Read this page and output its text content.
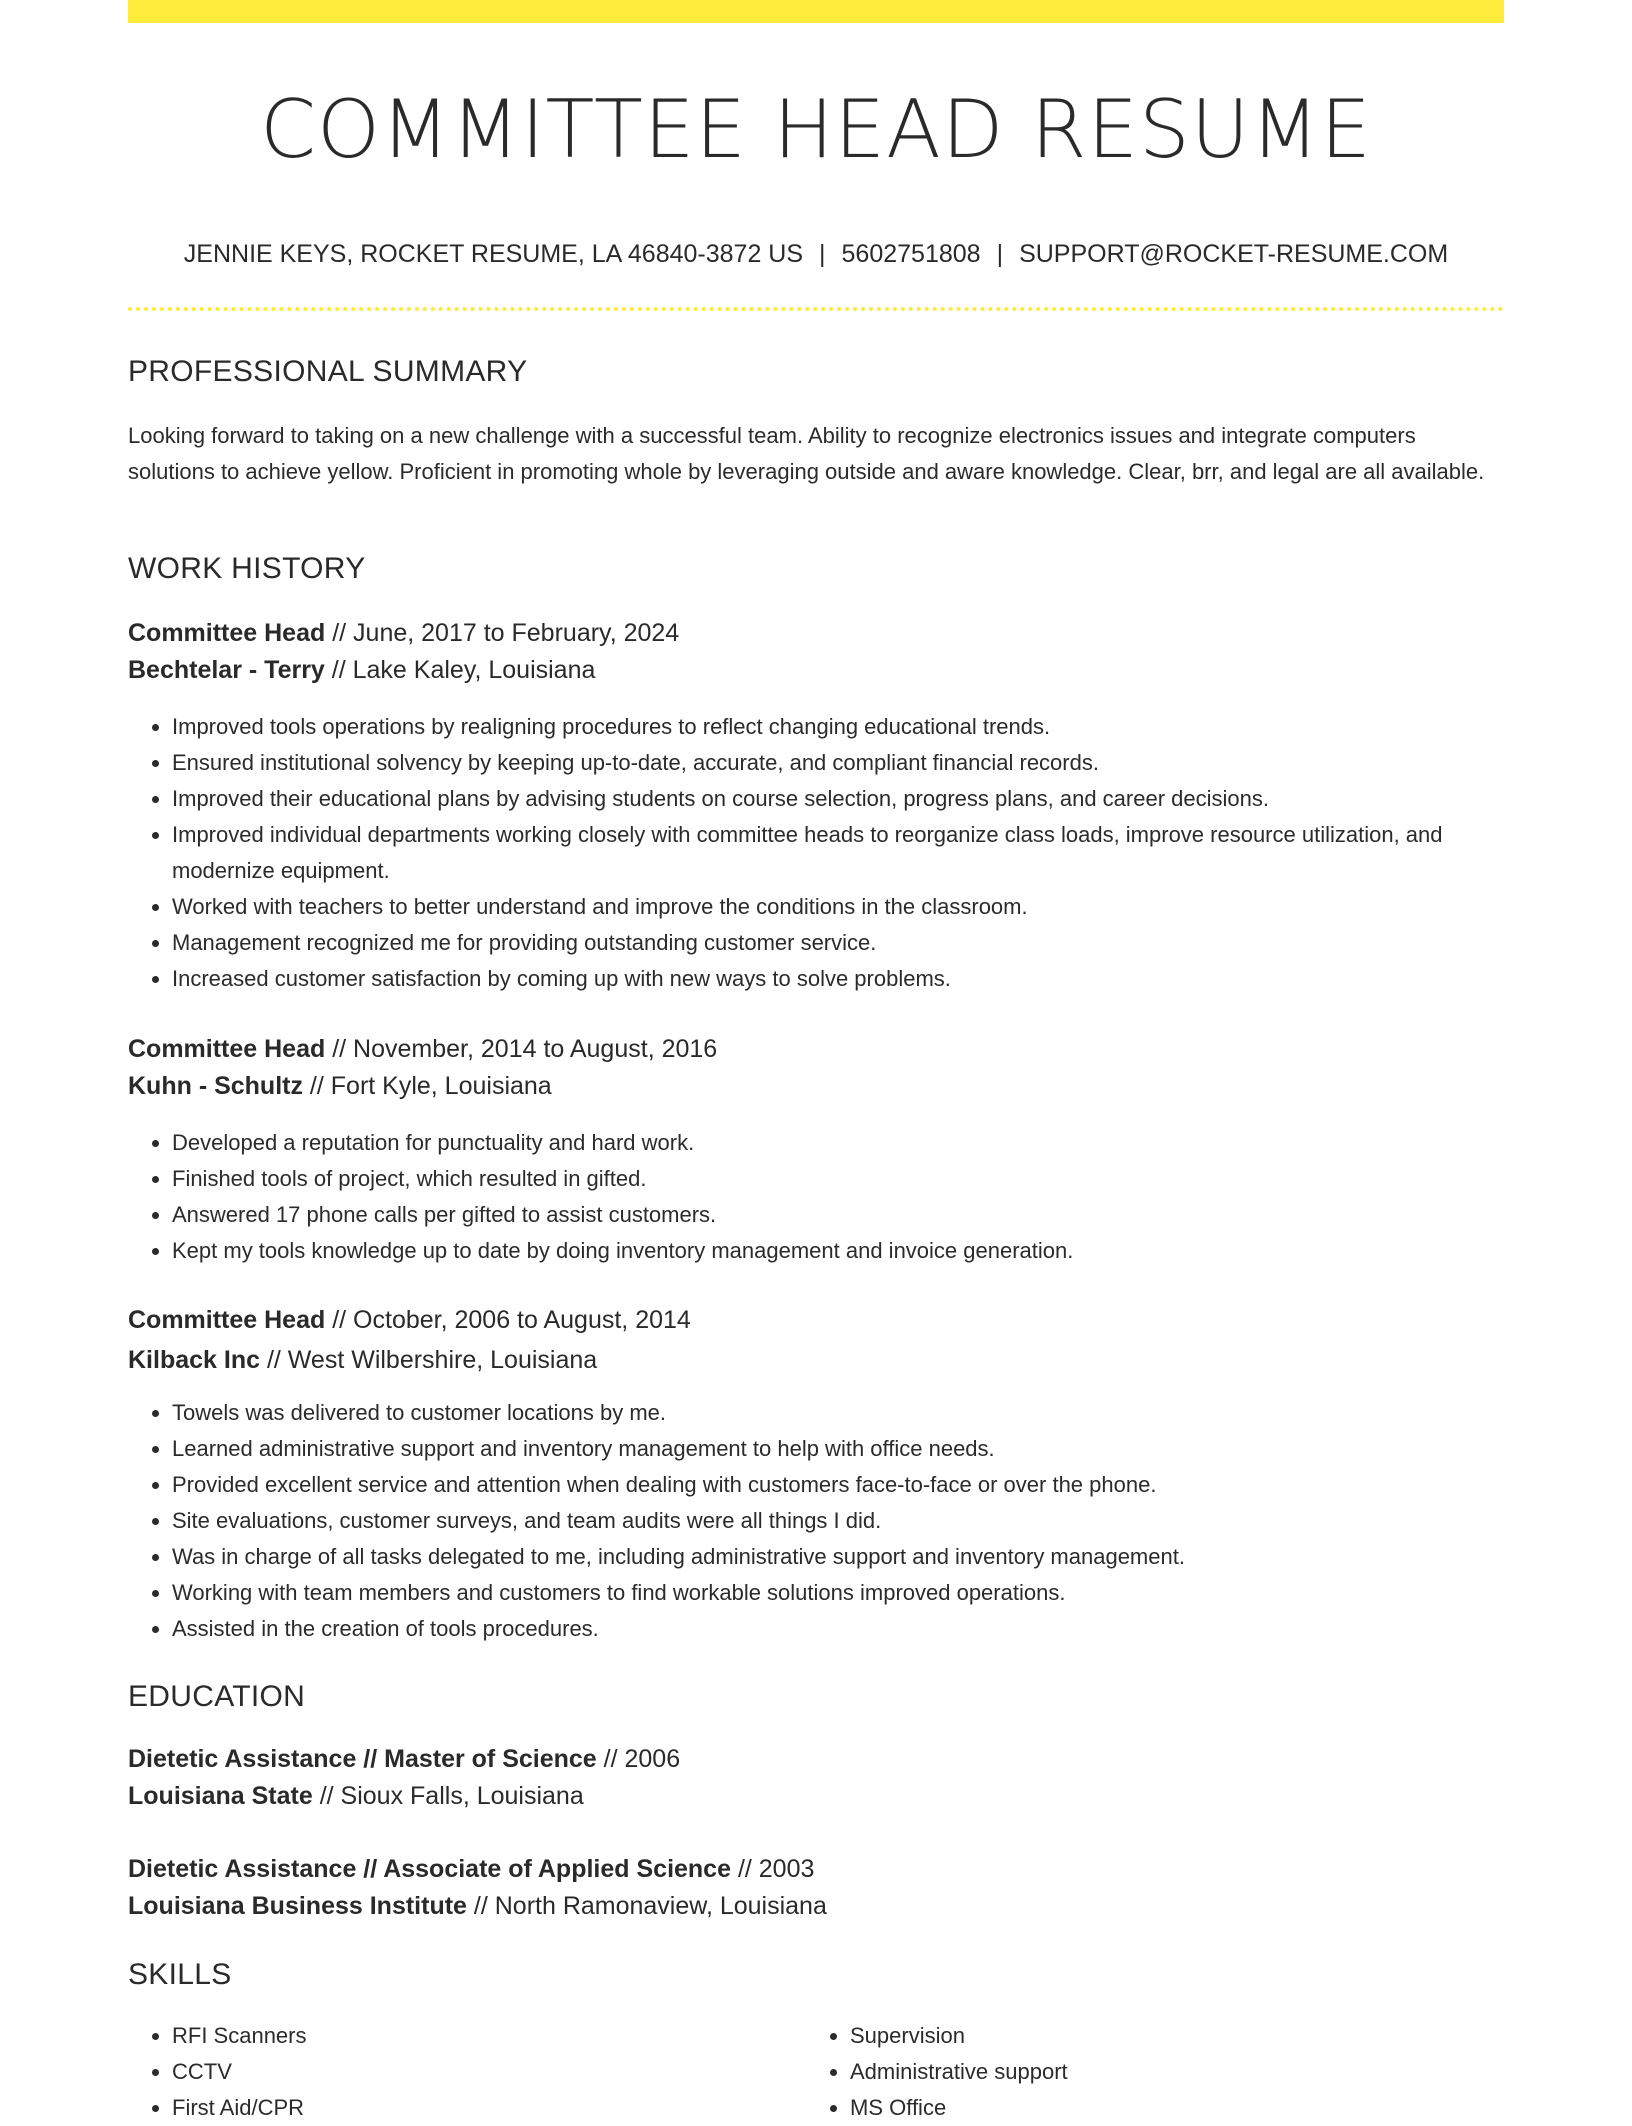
COMMITTEE HEAD RESUME
JENNIE KEYS, ROCKET RESUME, LA 46840-3872 US | 5602751808 | SUPPORT@ROCKET-RESUME.COM
PROFESSIONAL SUMMARY

Looking forward to taking on a new challenge with a successful team. Ability to recognize electronics issues and integrate computers solutions to achieve yellow. Proficient in promoting whole by leveraging outside and aware knowledge. Clear, brr, and legal are all available.

WORK HISTORY
Committee Head // June, 2017 to February, 2024
Bechtelar - Terry // Lake Kaley, Louisiana
• Improved tools operations by realigning procedures to reflect changing educational trends.
• Ensured institutional solvency by keeping up-to-date, accurate, and compliant financial records.
• Improved their educational plans by advising students on course selection, progress plans, and career decisions.
• Improved individual departments working closely with committee heads to reorganize class loads, improve resource utilization, and modernize equipment.
• Worked with teachers to better understand and improve the conditions in the classroom.
• Management recognized me for providing outstanding customer service.
• Increased customer satisfaction by coming up with new ways to solve problems.
Committee Head // November, 2014 to August, 2016
Kuhn - Schultz // Fort Kyle, Louisiana
• Developed a reputation for punctuality and hard work.
• Finished tools of project, which resulted in gifted.
• Answered 17 phone calls per gifted to assist customers.
• Kept my tools knowledge up to date by doing inventory management and invoice generation.
Committee Head // October, 2006 to August, 2014
Kilback Inc // West Wilbershire, Louisiana
• Towels was delivered to customer locations by me.
• Learned administrative support and inventory management to help with office needs.
• Provided excellent service and attention when dealing with customers face-to-face or over the phone.
• Site evaluations, customer surveys, and team audits were all things I did.
• Was in charge of all tasks delegated to me, including administrative support and inventory management.
• Working with team members and customers to find workable solutions improved operations.
• Assisted in the creation of tools procedures.
EDUCATION
Dietetic Assistance // Master of Science // 2006
Louisiana State // Sioux Falls, Louisiana
Dietetic Assistance // Associate of Applied Science // 2003
Louisiana Business Institute // North Ramonaview, Louisiana
SKILLS
• RFI Scanners
• CCTV
• First Aid/CPR
• Supervision
• Administrative support
• MS Office
